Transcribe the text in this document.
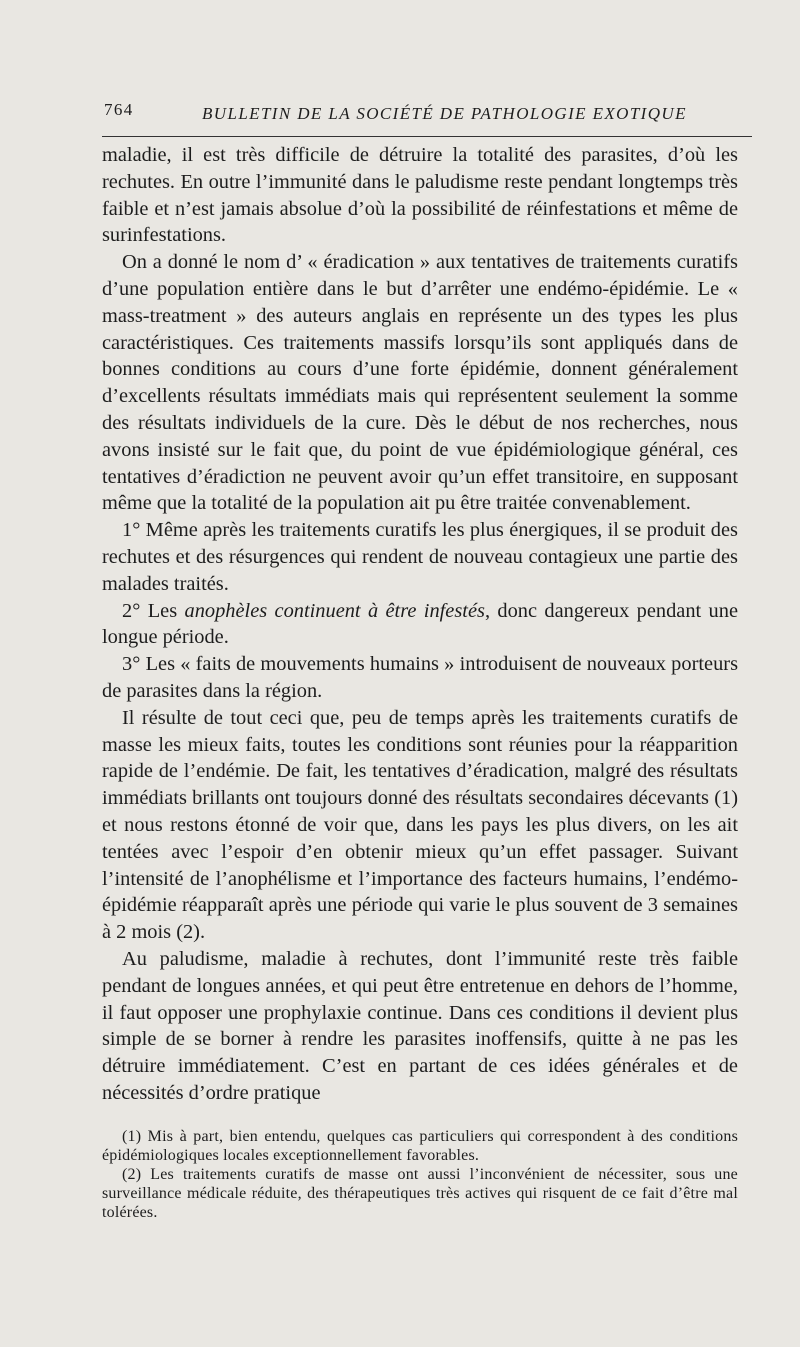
764	BULLETIN DE LA SOCIÉTÉ DE PATHOLOGIE EXOTIQUE

maladie, il est très difficile de détruire la totalité des parasites, d’où les rechutes. En outre l’immunité dans le paludisme reste pendant longtemps très faible et n’est jamais absolue d’où la possibilité de réinfestations et même de surinfestations.

On a donné le nom d’ « éradication » aux tentatives de traitements curatifs d’une population entière dans le but d’arrêter une endémo-épidémie. Le « mass-treatment » des auteurs anglais en représente un des types les plus caractéristiques. Ces traitements massifs lorsqu’ils sont appliqués dans de bonnes conditions au cours d’une forte épidémie, donnent généralement d’excellents résultats immédiats mais qui représentent seulement la somme des résultats individuels de la cure. Dès le début de nos recherches, nous avons insisté sur le fait que, du point de vue épidémiologique général, ces tentatives d’éradiction ne peuvent avoir qu’un effet transitoire, en supposant même que la totalité de la population ait pu être traitée convenablement.

1° Même après les traitements curatifs les plus énergiques, il se produit des rechutes et des résurgences qui rendent de nouveau contagieux une partie des malades traités.

2° Les anophèles continuent à être infestés, donc dangereux pendant une longue période.

3° Les « faits de mouvements humains » introduisent de nouveaux porteurs de parasites dans la région.

Il résulte de tout ceci que, peu de temps après les traitements curatifs de masse les mieux faits, toutes les conditions sont réunies pour la réapparition rapide de l’endémie. De fait, les tentatives d’éradication, malgré des résultats immédiats brillants ont toujours donné des résultats secondaires décevants (1) et nous restons étonné de voir que, dans les pays les plus divers, on les ait tentées avec l’espoir d’en obtenir mieux qu’un effet passager. Suivant l’intensité de l’anophélisme et l’importance des facteurs humains, l’endémo-épidémie réapparaît après une période qui varie le plus souvent de 3 semaines à 2 mois (2).

Au paludisme, maladie à rechutes, dont l’immunité reste très faible pendant de longues années, et qui peut être entretenue en dehors de l’homme, il faut opposer une prophylaxie continue. Dans ces conditions il devient plus simple de se borner à rendre les parasites inoffensifs, quitte à ne pas les détruire immédiatement. C’est en partant de ces idées générales et de nécessités d’ordre pratique

(1) Mis à part, bien entendu, quelques cas particuliers qui correspondent à des conditions épidémiologiques locales exceptionnellement favorables.

(2) Les traitements curatifs de masse ont aussi l’inconvénient de nécessiter, sous une surveillance médicale réduite, des thérapeutiques très actives qui risquent de ce fait d’être mal tolérées.
